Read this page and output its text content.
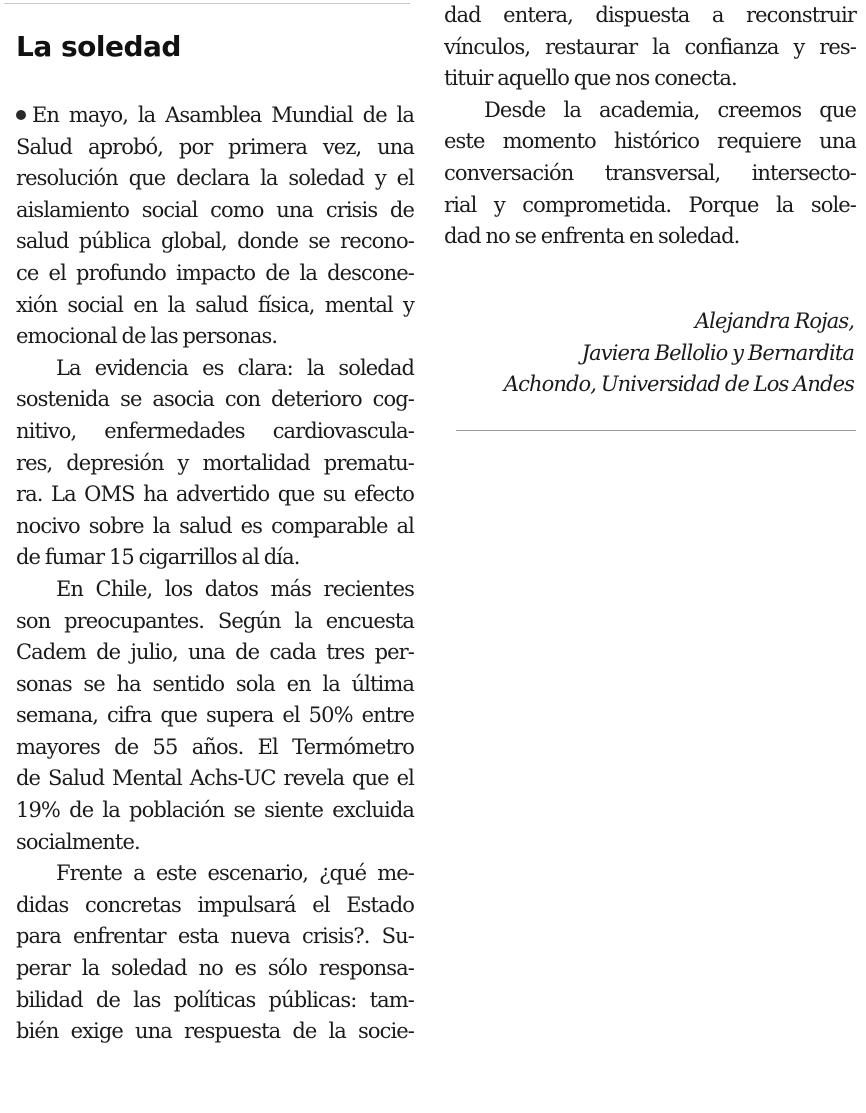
La soledad
En mayo, la Asamblea Mundial de la
Salud aprobó, por primera vez, una
resolución que declara la soledad y el
aislamiento social como una crisis de
salud pública global, donde se recono-
ce el profundo impacto de la descone-
xión social en la salud física, mental y
emocional de las personas.
La evidencia es clara: la soledad
sostenida se asocia con deterioro cog-
nitivo, enfermedades cardiovascula-
res, depresión y mortalidad prematu-
ra. La OMS ha advertido que su efecto
nocivo sobre la salud es comparable al
de fumar 15 cigarrillos al día.
En Chile, los datos más recientes
son preocupantes. Según la encuesta
Cadem de julio, una de cada tres per-
sonas se ha sentido sola en la última
semana, cifra que supera el 50% entre
mayores de 55 años. El Termómetro
de Salud Mental Achs-UC revela que el
19% de la población se siente excluida
socialmente.
Frente a este escenario, ¿qué me-
didas concretas impulsará el Estado
para enfrentar esta nueva crisis?. Su-
perar la soledad no es sólo responsa-
bilidad de las políticas públicas: tam-
bién exige una respuesta de la socie-
dad entera, dispuesta a reconstruir
vínculos, restaurar la confianza y res-
tituir aquello que nos conecta.
Desde la academia, creemos que
este momento histórico requiere una
conversación transversal, intersecto-
rial y comprometida. Porque la sole-
dad no se enfrenta en soledad.
Alejandra Rojas,
Javiera Bellolio y Bernardita
Achondo, Universidad de Los Andes
